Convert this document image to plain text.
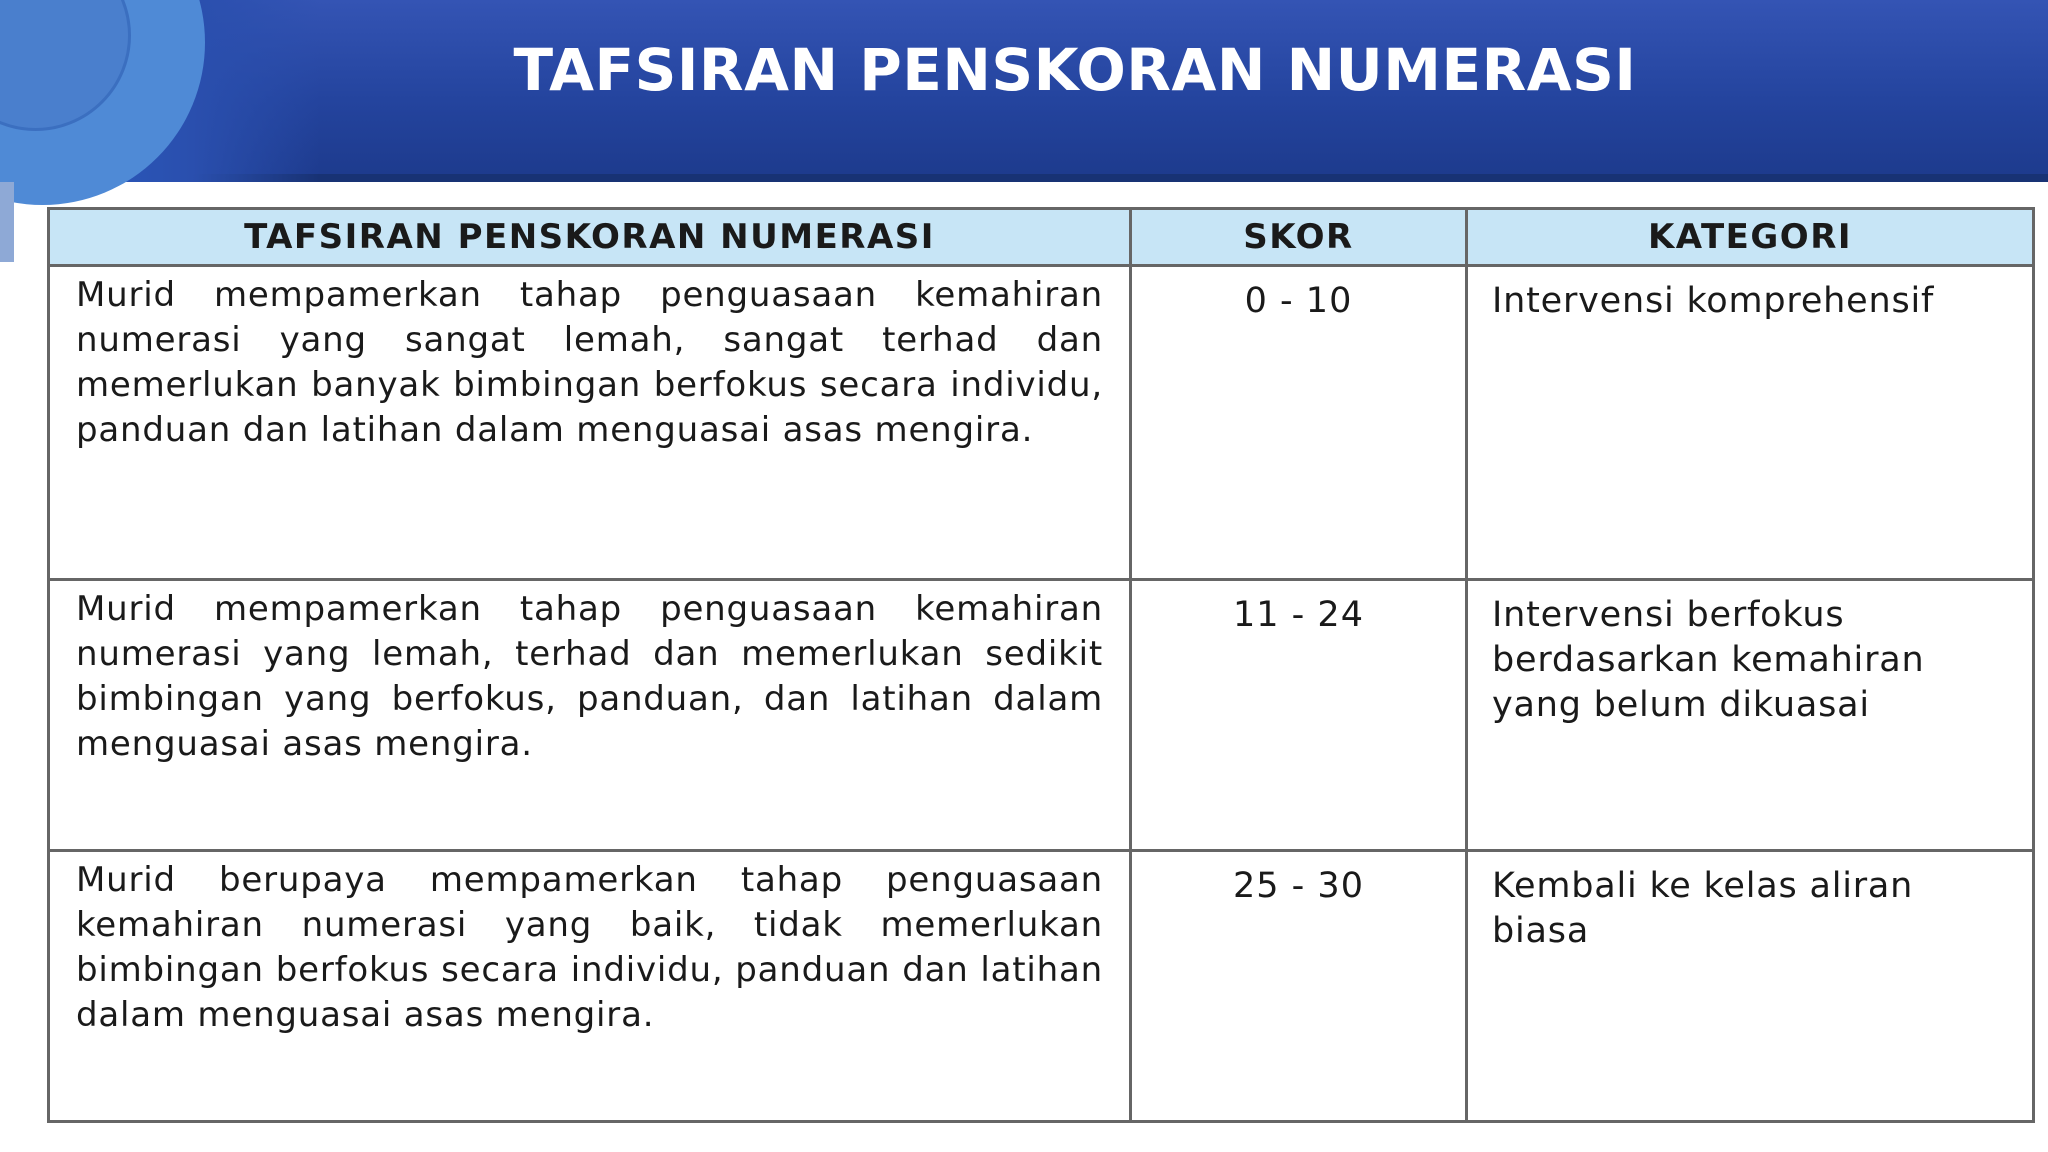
TAFSIRAN PENSKORAN NUMERASI
TAFSIRAN PENSKORAN NUMERASI	SKOR	KATEGORI
Murid mempamerkan tahap penguasaan kemahiran numerasi yang sangat lemah, sangat terhad dan memerlukan banyak bimbingan berfokus secara individu, panduan dan latihan dalam menguasai asas mengira.	0 - 10	Intervensi komprehensif
Murid mempamerkan tahap penguasaan kemahiran numerasi yang lemah, terhad dan memerlukan sedikit bimbingan yang berfokus, panduan, dan latihan dalam menguasai asas mengira.	11 - 24	Intervensi berfokus berdasarkan kemahiran yang belum dikuasai
Murid berupaya mempamerkan tahap penguasaan kemahiran numerasi yang baik, tidak memerlukan bimbingan berfokus secara individu, panduan dan latihan dalam menguasai asas mengira.	25 - 30	Kembali ke kelas aliran biasa
